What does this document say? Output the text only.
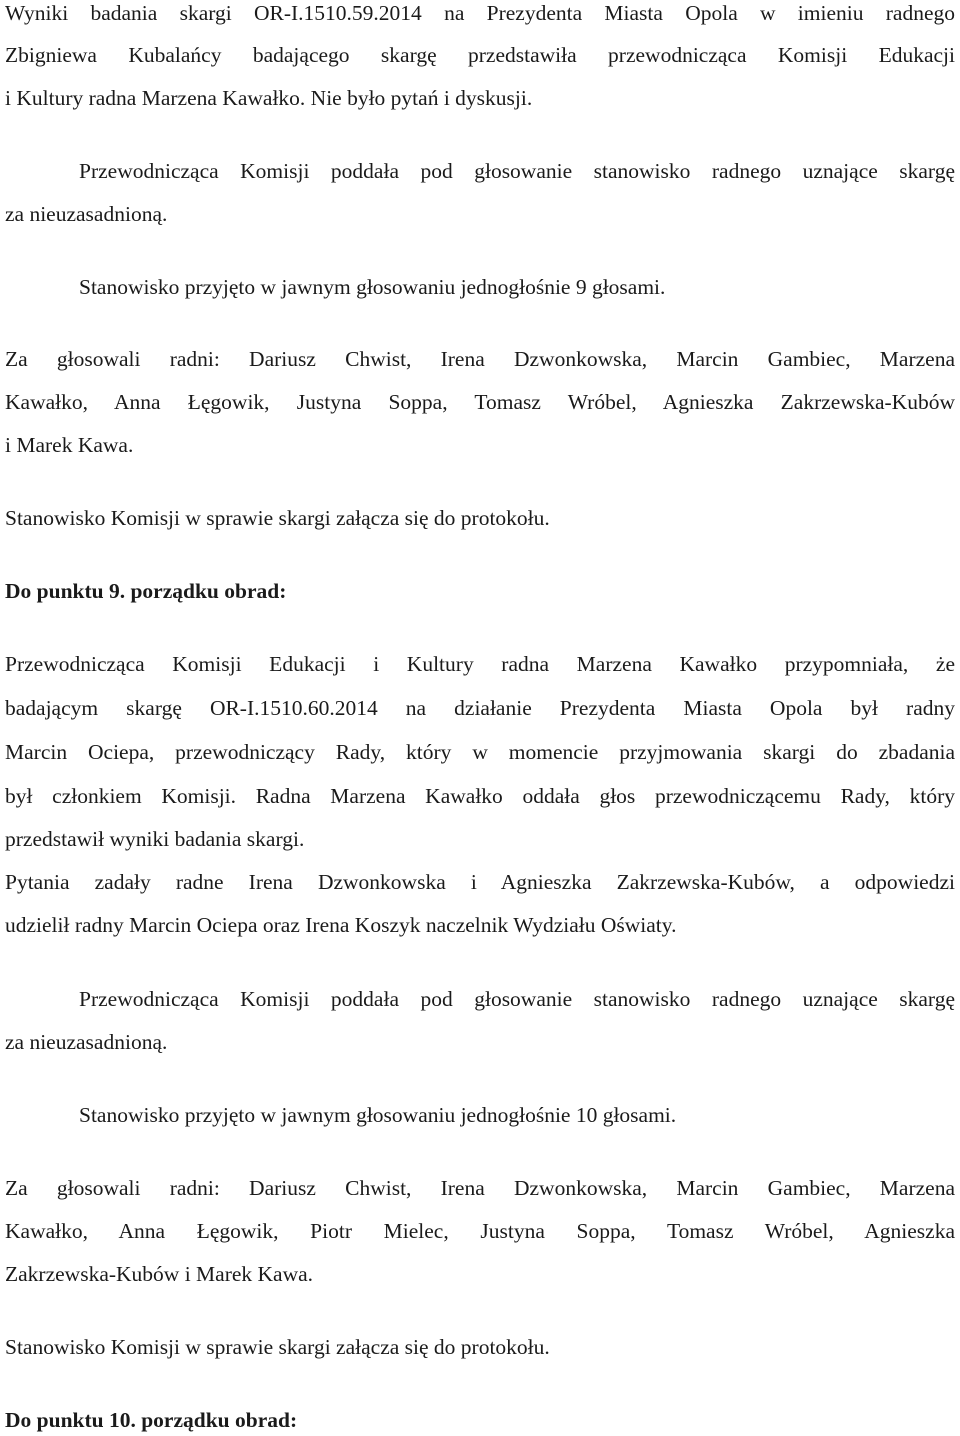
Wyniki badania skargi OR-I.1510.59.2014 na Prezydenta Miasta Opola w imieniu radnego
Zbigniewa Kubalańcy badającego skargę przedstawiła przewodnicząca Komisji Edukacji
i Kultury radna Marzena Kawałko. Nie było pytań i dyskusji.
Przewodnicząca Komisji poddała pod głosowanie stanowisko radnego uznające skargę
za nieuzasadnioną.
Stanowisko przyjęto w jawnym głosowaniu jednogłośnie 9 głosami.
Za głosowali radni: Dariusz Chwist, Irena Dzwonkowska, Marcin Gambiec, Marzena
Kawałko, Anna Łęgowik, Justyna Soppa, Tomasz Wróbel, Agnieszka Zakrzewska-Kubów
i Marek Kawa.
Stanowisko Komisji w sprawie skargi załącza się do protokołu.
Do punktu 9. porządku obrad:
Przewodnicząca Komisji Edukacji i Kultury radna Marzena Kawałko przypomniała, że
badającym skargę OR-I.1510.60.2014 na działanie Prezydenta Miasta Opola był radny
Marcin Ociepa, przewodniczący Rady, który w momencie przyjmowania skargi do zbadania
był członkiem Komisji. Radna Marzena Kawałko oddała głos przewodniczącemu Rady, który
przedstawił wyniki badania skargi.
Pytania zadały radne Irena Dzwonkowska i Agnieszka Zakrzewska-Kubów, a odpowiedzi
udzielił radny Marcin Ociepa oraz Irena Koszyk naczelnik Wydziału Oświaty.
Przewodnicząca Komisji poddała pod głosowanie stanowisko radnego uznające skargę
za nieuzasadnioną.
Stanowisko przyjęto w jawnym głosowaniu jednogłośnie 10 głosami.
Za głosowali radni: Dariusz Chwist, Irena Dzwonkowska, Marcin Gambiec, Marzena
Kawałko, Anna Łęgowik, Piotr Mielec, Justyna Soppa, Tomasz Wróbel, Agnieszka
Zakrzewska-Kubów i Marek Kawa.
Stanowisko Komisji w sprawie skargi załącza się do protokołu.
Do punktu 10. porządku obrad:
